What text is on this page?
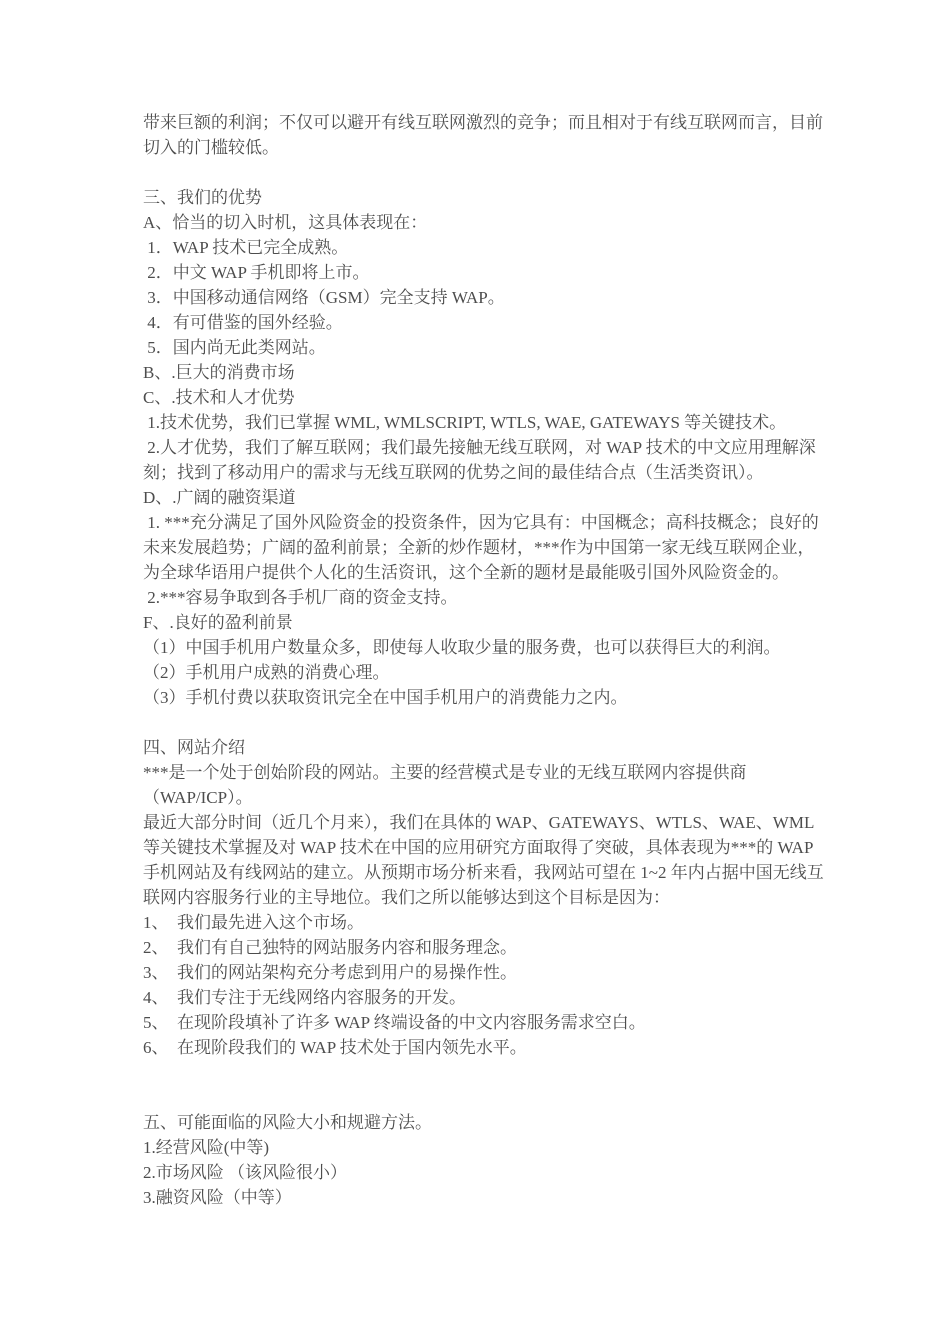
带来巨额的利润；不仅可以避开有线互联网激烈的竞争；而且相对于有线互联网而言，目前切入的门槛较低。

三、我们的优势

A、恰当的切入时机，这具体表现在：

1．WAP 技术已完全成熟。

2．中文 WAP 手机即将上市。

3．中国移动通信网络（GSM）完全支持 WAP。

4．有可借鉴的国外经验。

5．国内尚无此类网站。

B、.巨大的消费市场

C、.技术和人才优势

1.技术优势，我们已掌握 WML, WMLSCRIPT, WTLS, WAE, GATEWAYS 等关键技术。

2.人才优势，我们了解互联网；我们最先接触无线互联网，对 WAP 技术的中文应用理解深刻；找到了移动用户的需求与无线互联网的优势之间的最佳结合点（生活类资讯）。

D、.广阔的融资渠道

1. ***充分满足了国外风险资金的投资条件，因为它具有：中国概念；高科技概念；良好的未来发展趋势；广阔的盈利前景；全新的炒作题材，***作为中国第一家无线互联网企业，为全球华语用户提供个人化的生活资讯，这个全新的题材是最能吸引国外风险资金的。

2.***容易争取到各手机厂商的资金支持。

F、.良好的盈利前景

（1）中国手机用户数量众多，即使每人收取少量的服务费，也可以获得巨大的利润。

（2）手机用户成熟的消费心理。

（3）手机付费以获取资讯完全在中国手机用户的消费能力之内。

四、网站介绍

***是一个处于创始阶段的网站。主要的经营模式是专业的无线互联网内容提供商（WAP/ICP）。

最近大部分时间（近几个月来），我们在具体的 WAP、GATEWAYS、WTLS、WAE、WML 等关键技术掌握及对 WAP 技术在中国的应用研究方面取得了突破，具体表现为***的 WAP 手机网站及有线网站的建立。从预期市场分析来看，我网站可望在 1~2 年内占据中国无线互联网内容服务行业的主导地位。我们之所以能够达到这个目标是因为：

1、　我们最先进入这个市场。

2、　我们有自己独特的网站服务内容和服务理念。

3、　我们的网站架构充分考虑到用户的易操作性。

4、　我们专注于无线网络内容服务的开发。

5、　在现阶段填补了许多 WAP 终端设备的中文内容服务需求空白。

6、　在现阶段我们的 WAP 技术处于国内领先水平。

五、可能面临的风险大小和规避方法。

1.经营风险(中等)

2.市场风险 （该风险很小）

3.融资风险（中等）
